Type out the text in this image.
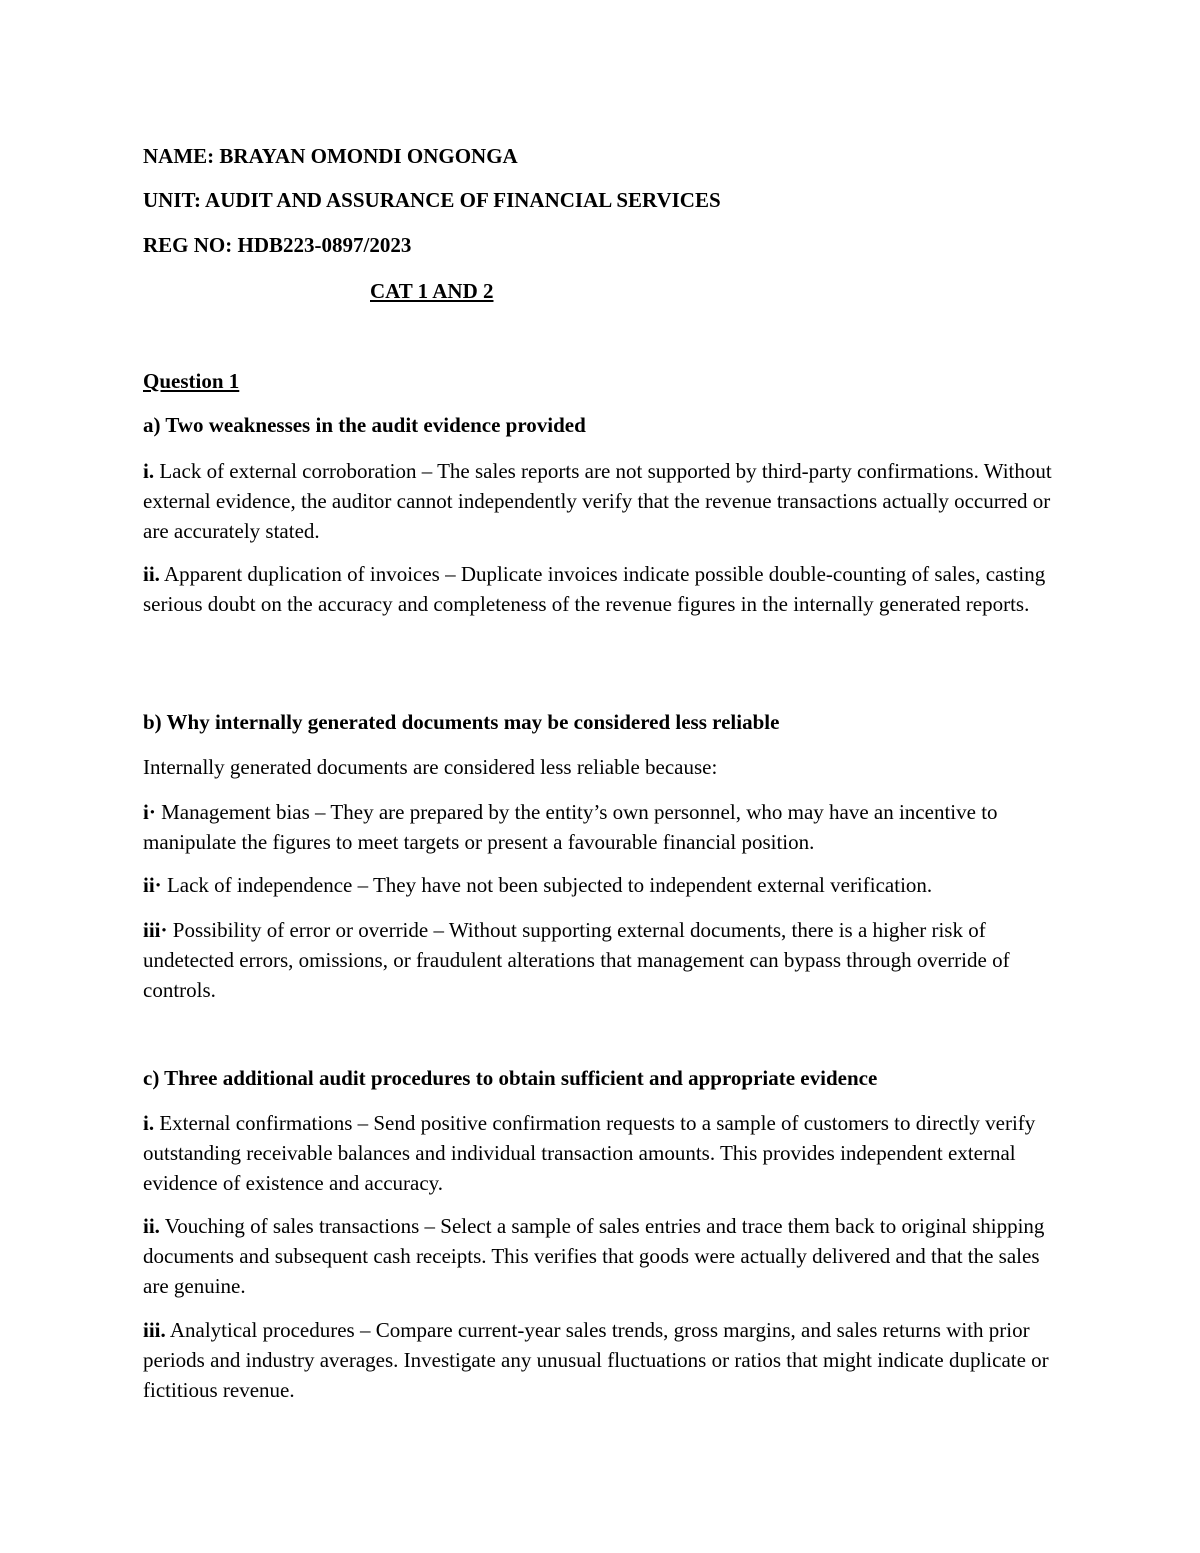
NAME: BRAYAN OMONDI ONGONGA
UNIT: AUDIT AND ASSURANCE OF FINANCIAL SERVICES
REG NO: HDB223-0897/2023
CAT 1 AND 2
Question 1
a) Two weaknesses in the audit evidence provided

i. Lack of external corroboration – The sales reports are not supported by third-party confirmations. Without external evidence, the auditor cannot independently verify that the revenue transactions actually occurred or are accurately stated.

ii. Apparent duplication of invoices – Duplicate invoices indicate possible double-counting of sales, casting serious doubt on the accuracy and completeness of the revenue figures in the internally generated reports.

b) Why internally generated documents may be considered less reliable
Internally generated documents are considered less reliable because:

i· Management bias – They are prepared by the entity’s own personnel, who may have an incentive to manipulate the figures to meet targets or present a favourable financial position.

ii· Lack of independence – They have not been subjected to independent external verification.

iii· Possibility of error or override – Without supporting external documents, there is a higher risk of undetected errors, omissions, or fraudulent alterations that management can bypass through override of controls.

c) Three additional audit procedures to obtain sufficient and appropriate evidence

i. External confirmations – Send positive confirmation requests to a sample of customers to directly verify outstanding receivable balances and individual transaction amounts. This provides independent external evidence of existence and accuracy.

ii. Vouching of sales transactions – Select a sample of sales entries and trace them back to original shipping documents and subsequent cash receipts. This verifies that goods were actually delivered and that the sales are genuine.

iii. Analytical procedures – Compare current-year sales trends, gross margins, and sales returns with prior periods and industry averages. Investigate any unusual fluctuations or ratios that might indicate duplicate or fictitious revenue.
